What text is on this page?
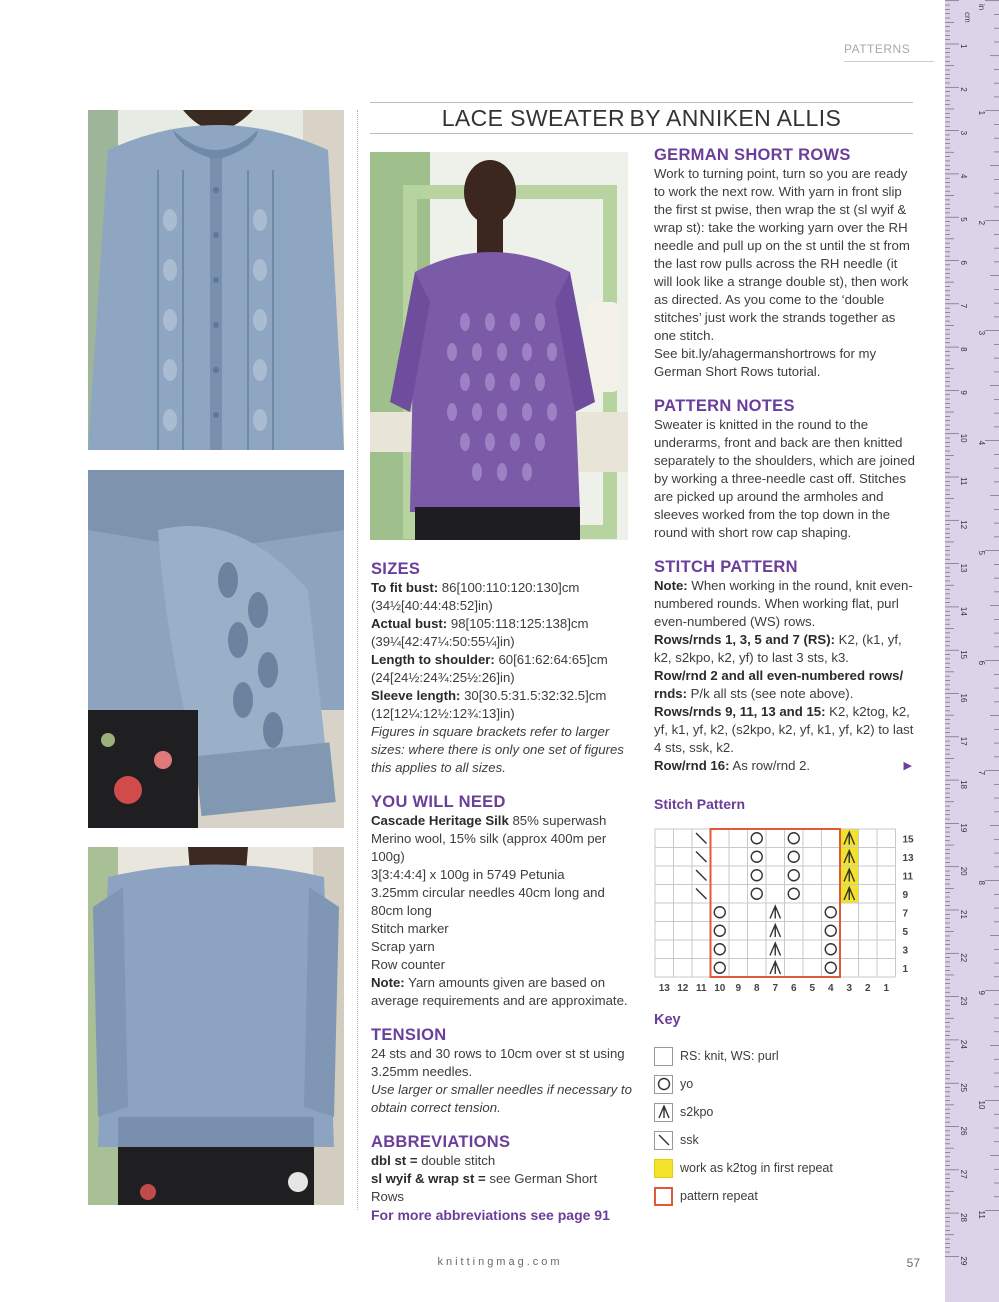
PATTERNS
LACE SWEATER BY ANNIKEN ALLIS
SIZES
To fit bust: 86[100:110:120:130]cm
(34½[40:44:48:52]in)
Actual bust: 98[105:118:125:138]cm
(39¼[42:47¼:50:55¼]in)
Length to shoulder: 60[61:62:64:65]cm
(24[24½:24¾:25½:26]in)
Sleeve length: 30[30.5:31.5:32:32.5]cm
(12[12¼:12½:12¾:13]in)
Figures in square brackets refer to larger sizes: where there is only one set of figures this applies to all sizes.
YOU WILL NEED
Cascade Heritage Silk 85% superwash Merino wool, 15% silk (approx 400m per 100g)
3[3:4:4:4] x 100g in 5749 Petunia
3.25mm circular needles 40cm long and 80cm long
Stitch marker
Scrap yarn
Row counter
Note: Yarn amounts given are based on average requirements and are approximate.
TENSION
24 sts and 30 rows to 10cm over st st using 3.25mm needles.
Use larger or smaller needles if necessary to obtain correct tension.
ABBREVIATIONS
dbl st = double stitch
sl wyif & wrap st = see German Short Rows
For more abbreviations see page 91
GERMAN SHORT ROWS
Work to turning point, turn so you are ready to work the next row. With yarn in front slip the first st pwise, then wrap the st (sl wyif & wrap st): take the working yarn over the RH needle and pull up on the st until the st from the last row pulls across the RH needle (it will look like a strange double st), then work as directed. As you come to the ‘double stitches’ just work the strands together as one stitch.
See bit.ly/ahagermanshortrows for my German Short Rows tutorial.
PATTERN NOTES
Sweater is knitted in the round to the underarms, front and back are then knitted separately to the shoulders, which are joined by working a three-needle cast off. Stitches are picked up around the armholes and sleeves worked from the top down in the round with short row cap shaping.
STITCH PATTERN
Note: When working in the round, knit even-numbered rounds. When working flat, purl even-numbered (WS) rows.
Rows/rnds 1, 3, 5 and 7 (RS): K2, (k1, yf, k2, s2kpo, k2, yf) to last 3 sts, k3.
Row/rnd 2 and all even-numbered rows/ rnds: P/k all sts (see note above).
Rows/rnds 9, 11, 13 and 15: K2, k2tog, k2, yf, k1, yf, k2, (s2kpo, k2, yf, k1, yf, k2) to last 4 sts, ssk, k2.
Row/rnd 16: As row/rnd 2.	▶
Stitch Pattern
15
13
11
9
7
5
3
1
13 12 11 10 9 8 7 6 5 4 3 2 1
Key
RS: knit, WS: purl
yo
s2kpo
ssk
work as k2tog in first repeat
pattern repeat
knittingmag.com	57
cm
1
2
3
4
5
6
7
8
9
10
11
12
13
14
15
16
17
18
19
20
21
22
23
24
25
26
27
28
29
in
1
2
3
4
5
6
7
8
9
10
11
